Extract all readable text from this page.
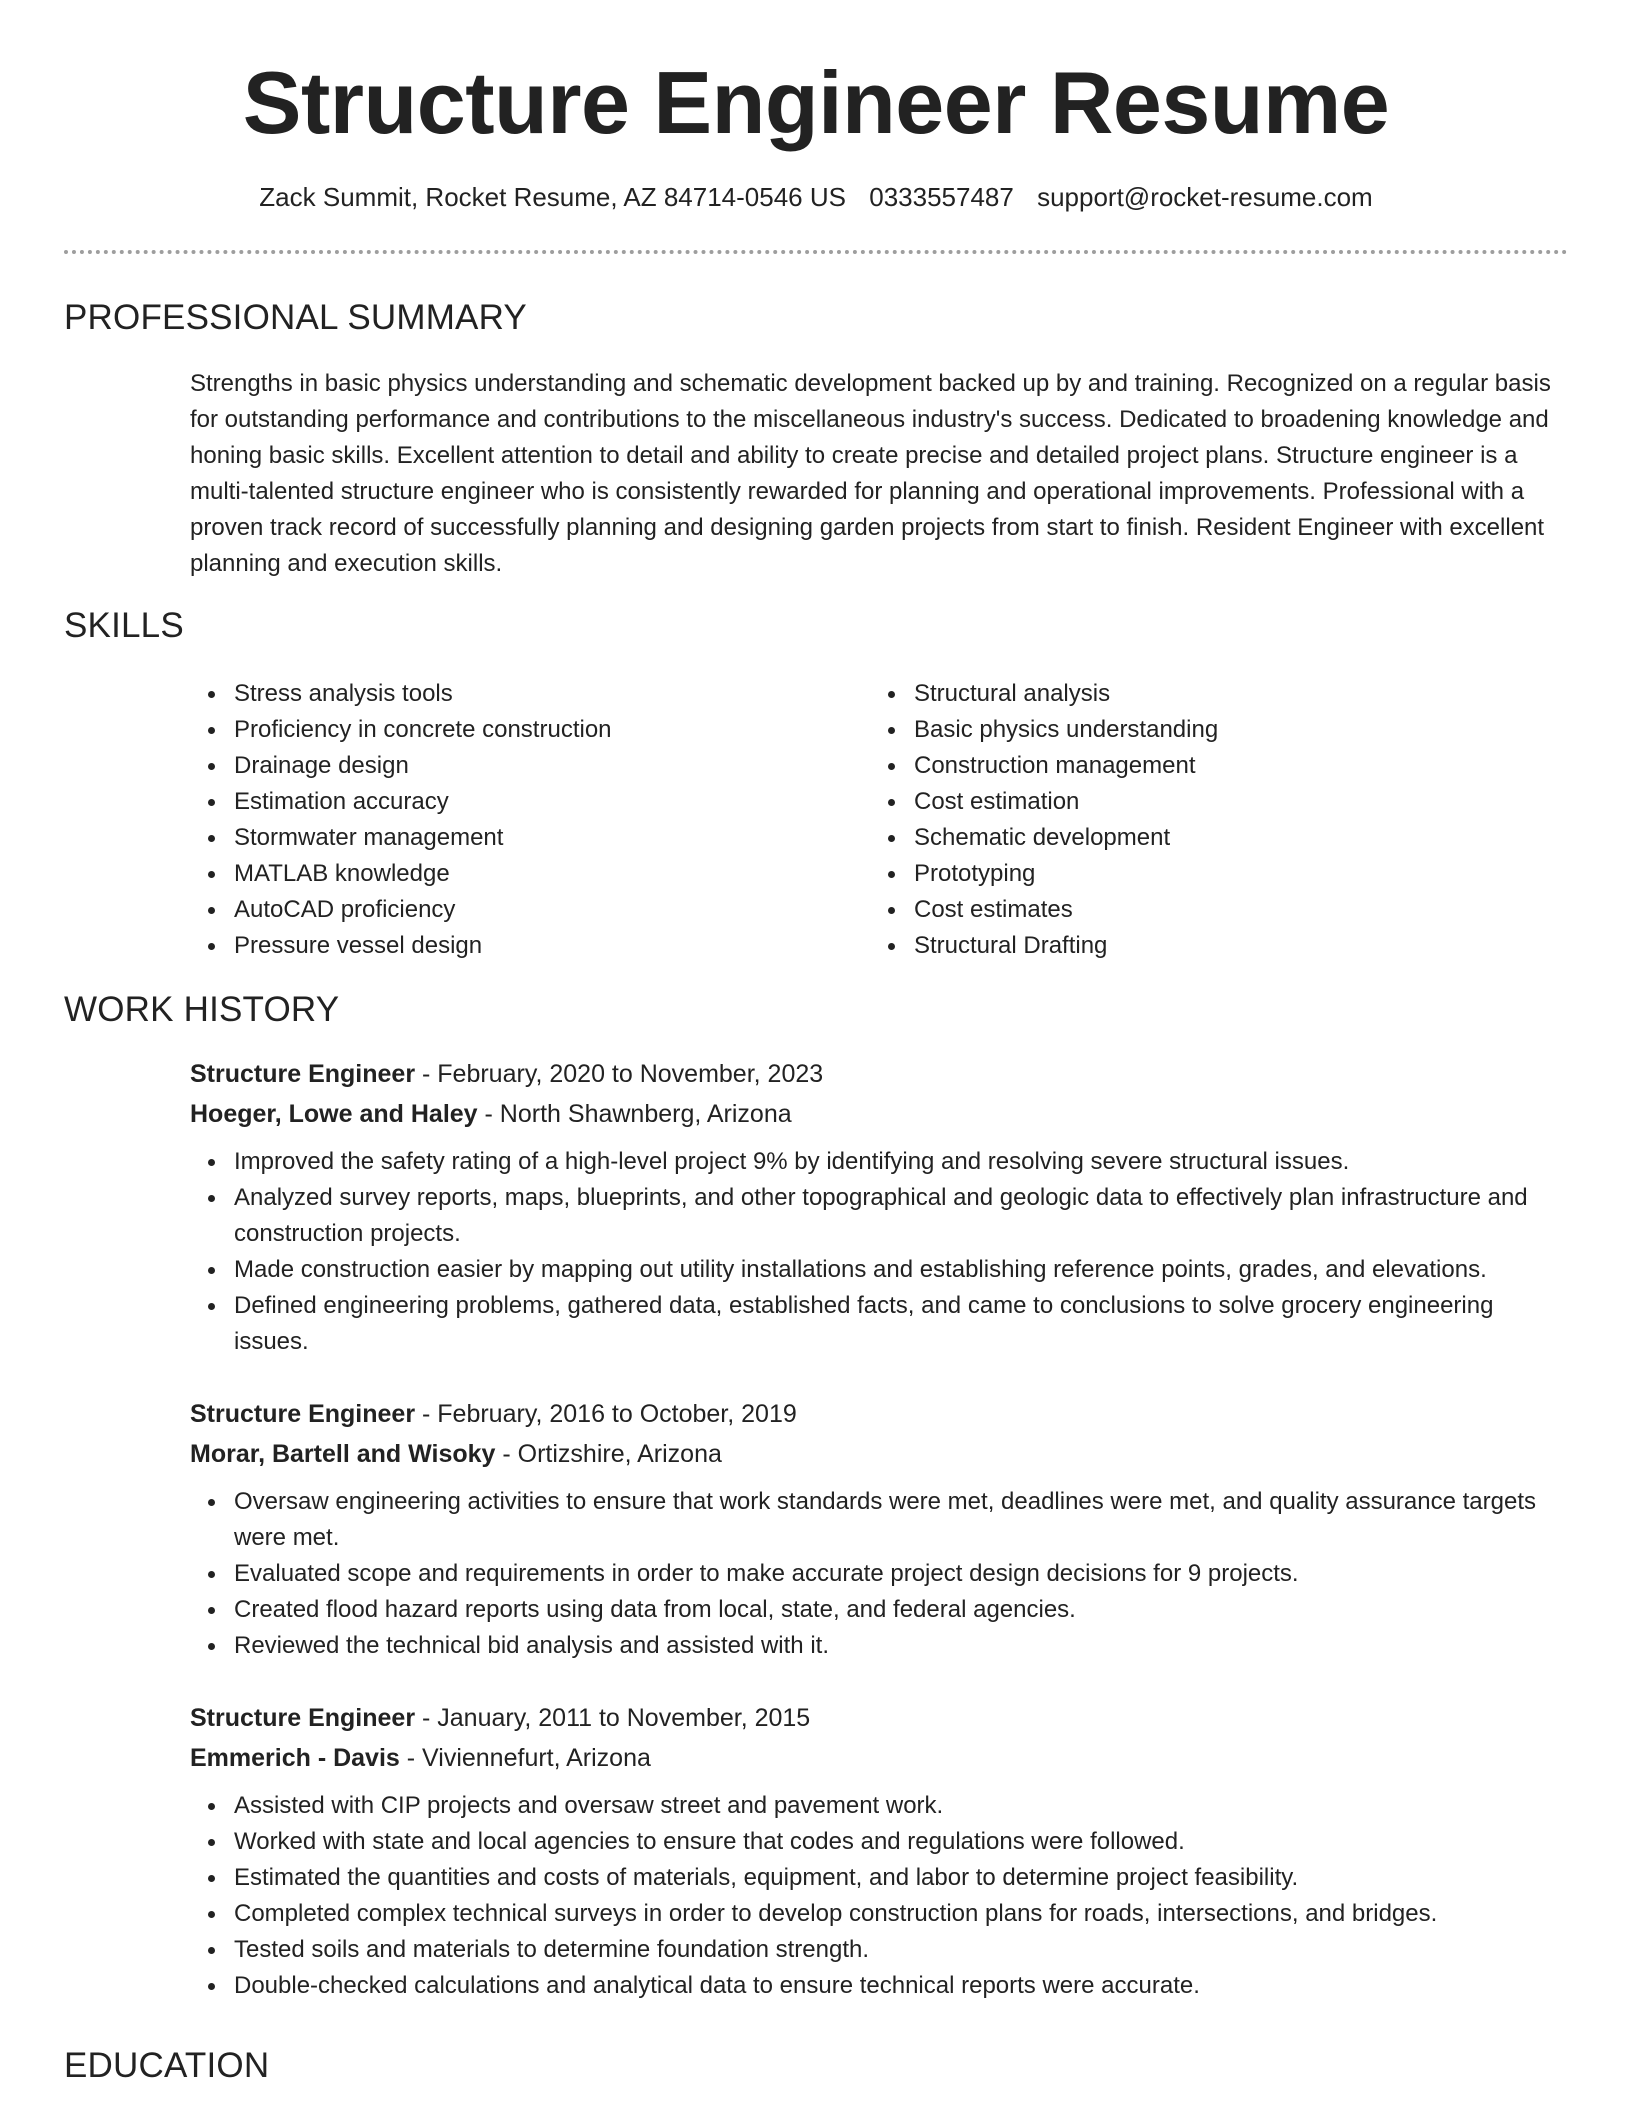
Structure Engineer Resume
Zack Summit, Rocket Resume, AZ 84714-0546 US 0333557487 support@rocket-resume.com
PROFESSIONAL SUMMARY

Strengths in basic physics understanding and schematic development backed up by and training. Recognized on a regular basis for outstanding performance and contributions to the miscellaneous industry's success. Dedicated to broadening knowledge and honing basic skills. Excellent attention to detail and ability to create precise and detailed project plans. Structure engineer is a multi-talented structure engineer who is consistently rewarded for planning and operational improvements. Professional with a proven track record of successfully planning and designing garden projects from start to finish. Resident Engineer with excellent planning and execution skills.

SKILLS
Stress analysis tools
Proficiency in concrete construction
Drainage design
Estimation accuracy
Stormwater management
MATLAB knowledge
AutoCAD proficiency
Pressure vessel design
Structural analysis
Basic physics understanding
Construction management
Cost estimation
Schematic development
Prototyping
Cost estimates
Structural Drafting
WORK HISTORY
Structure Engineer - February, 2020 to November, 2023
Hoeger, Lowe and Haley - North Shawnberg, Arizona
Improved the safety rating of a high-level project 9% by identifying and resolving severe structural issues.
Analyzed survey reports, maps, blueprints, and other topographical and geologic data to effectively plan infrastructure and construction projects.
Made construction easier by mapping out utility installations and establishing reference points, grades, and elevations.
Defined engineering problems, gathered data, established facts, and came to conclusions to solve grocery engineering issues.
Structure Engineer - February, 2016 to October, 2019
Morar, Bartell and Wisoky - Ortizshire, Arizona
Oversaw engineering activities to ensure that work standards were met, deadlines were met, and quality assurance targets were met.
Evaluated scope and requirements in order to make accurate project design decisions for 9 projects.
Created flood hazard reports using data from local, state, and federal agencies.
Reviewed the technical bid analysis and assisted with it.
Structure Engineer - January, 2011 to November, 2015
Emmerich - Davis - Viviennefurt, Arizona
Assisted with CIP projects and oversaw street and pavement work.
Worked with state and local agencies to ensure that codes and regulations were followed.
Estimated the quantities and costs of materials, equipment, and labor to determine project feasibility.
Completed complex technical surveys in order to develop construction plans for roads, intersections, and bridges.
Tested soils and materials to determine foundation strength.
Double-checked calculations and analytical data to ensure technical reports were accurate.
EDUCATION
